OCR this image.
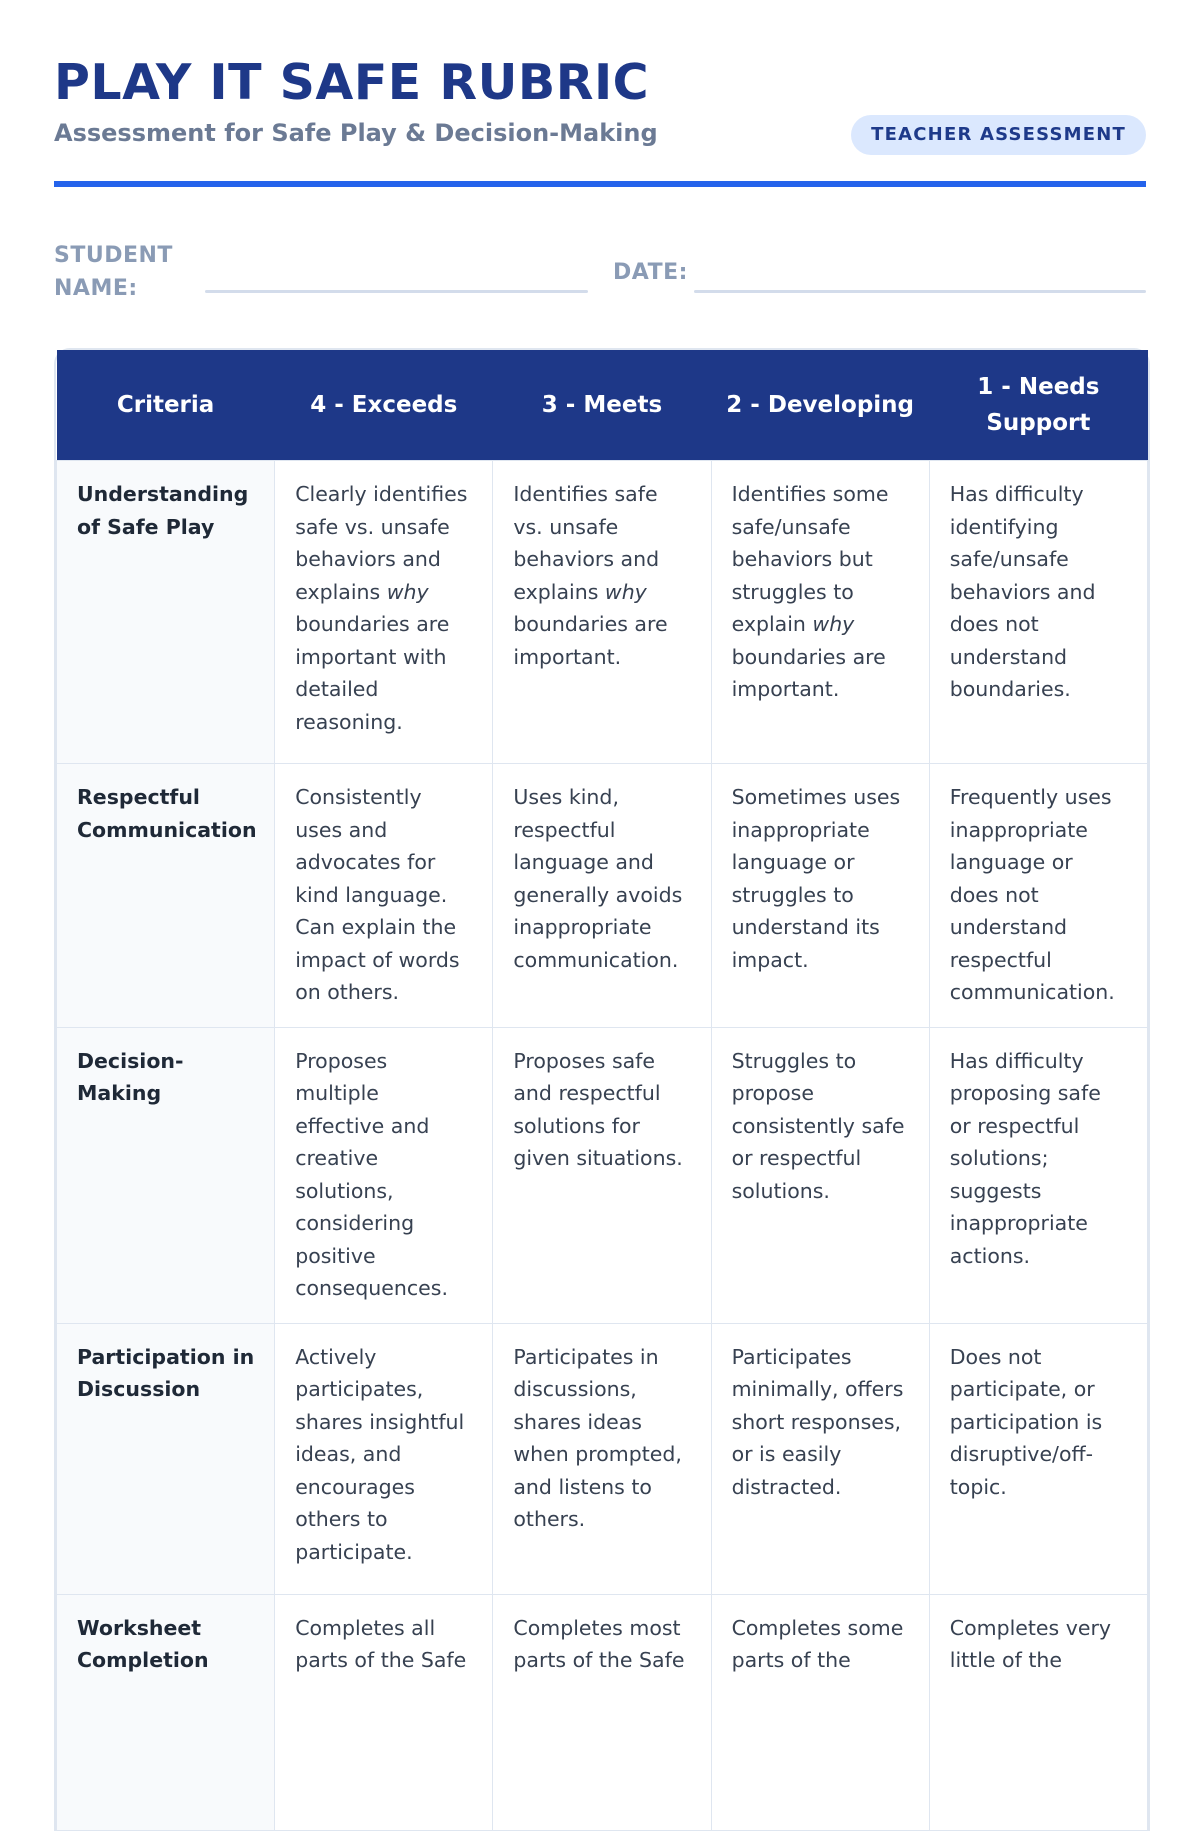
PLAY IT SAFE RUBRIC
Assessment for Safe Play & Decision-Making	TEACHER ASSESSMENT
STUDENT NAME:
DATE:
Criteria	4 - Exceeds	3 - Meets	2 - Developing	1 - Needs Support
Understanding of Safe Play	Clearly identifies safe vs. unsafe behaviors and explains why boundaries are important with detailed reasoning.	Identifies safe vs. unsafe behaviors and explains why boundaries are important.	Identifies some safe/unsafe behaviors but struggles to explain why boundaries are important.	Has difficulty identifying safe/unsafe behaviors and does not understand boundaries.
Respectful Communication	Consistently uses and advocates for kind language. Can explain the impact of words on others.	Uses kind, respectful language and generally avoids inappropriate communication.	Sometimes uses inappropriate language or struggles to understand its impact.	Frequently uses inappropriate language or does not understand respectful communication.
Decision-Making	Proposes multiple effective and creative solutions, considering positive consequences.	Proposes safe and respectful solutions for given situations.	Struggles to propose consistently safe or respectful solutions.	Has difficulty proposing safe or respectful solutions; suggests inappropriate actions.
Participation in Discussion	Actively participates, shares insightful ideas, and encourages others to participate.	Participates in discussions, shares ideas when prompted, and listens to others.	Participates minimally, offers short responses, or is easily distracted.	Does not participate, or participation is disruptive/off-topic.
Worksheet Completion	Completes all parts of the Safe	Completes most parts of the Safe	Completes some parts of the	Completes very little of the
